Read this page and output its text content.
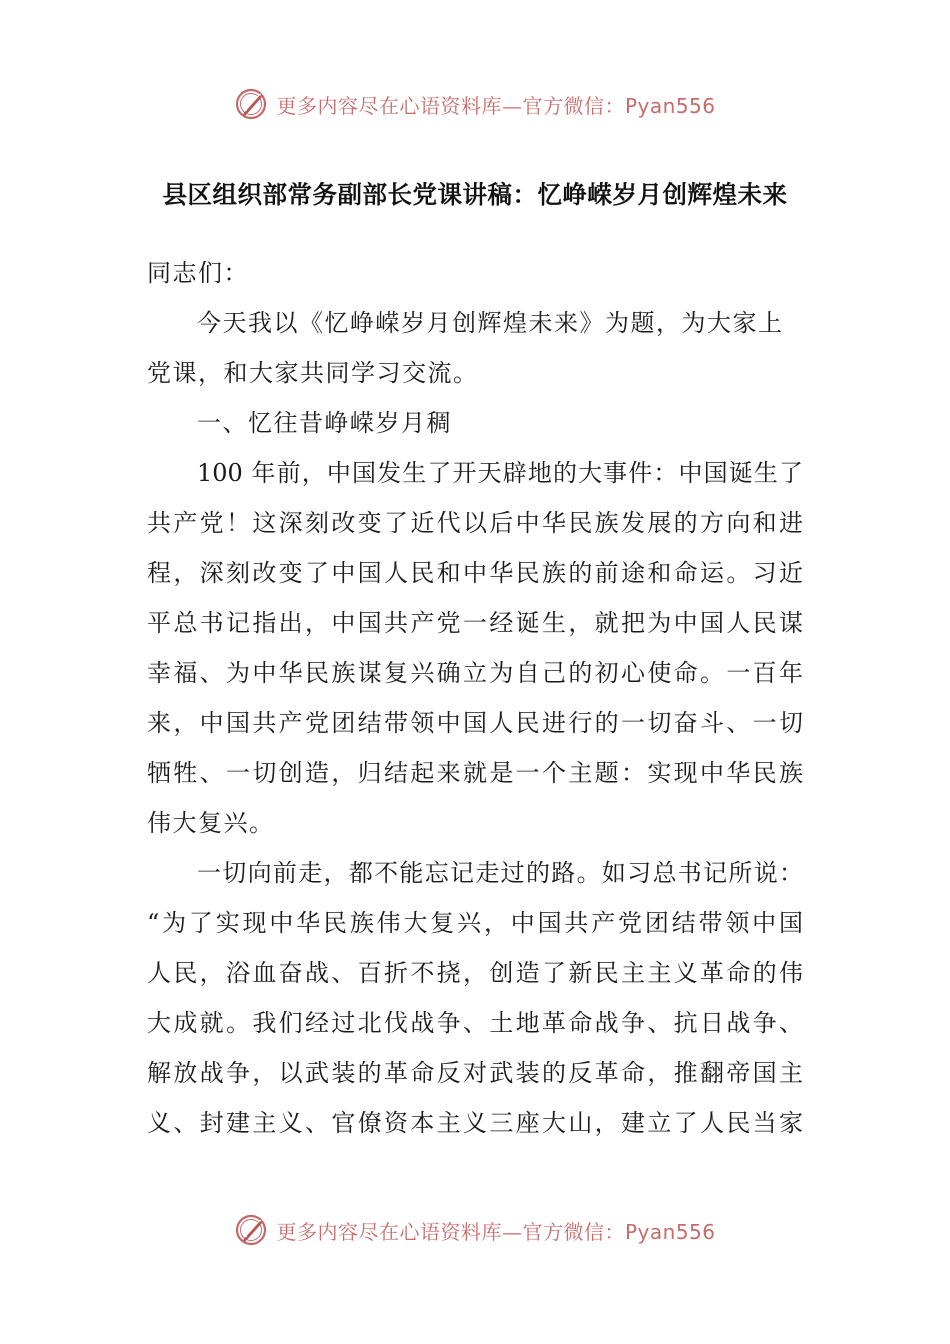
更多内容尽在心语资料库—官方微信：Pyan556
县区组织部常务副部长党课讲稿：忆峥嵘岁月创辉煌未来
同志们：
今天我以《忆峥嵘岁月创辉煌未来》为题，为大家上
党课，和大家共同学习交流。
一、忆往昔峥嵘岁月稠
100 年前，中国发生了开天辟地的大事件：中国诞生了
共产党！这深刻改变了近代以后中华民族发展的方向和进
程，深刻改变了中国人民和中华民族的前途和命运。习近
平总书记指出，中国共产党一经诞生，就把为中国人民谋
幸福、为中华民族谋复兴确立为自己的初心使命。一百年
来，中国共产党团结带领中国人民进行的一切奋斗、一切
牺牲、一切创造，归结起来就是一个主题：实现中华民族
伟大复兴。
一切向前走，都不能忘记走过的路。如习总书记所说：
“为了实现中华民族伟大复兴，中国共产党团结带领中国
人民，浴血奋战、百折不挠，创造了新民主主义革命的伟
大成就。我们经过北伐战争、土地革命战争、抗日战争、
解放战争，以武装的革命反对武装的反革命，推翻帝国主
义、封建主义、官僚资本主义三座大山，建立了人民当家
更多内容尽在心语资料库—官方微信：Pyan556
